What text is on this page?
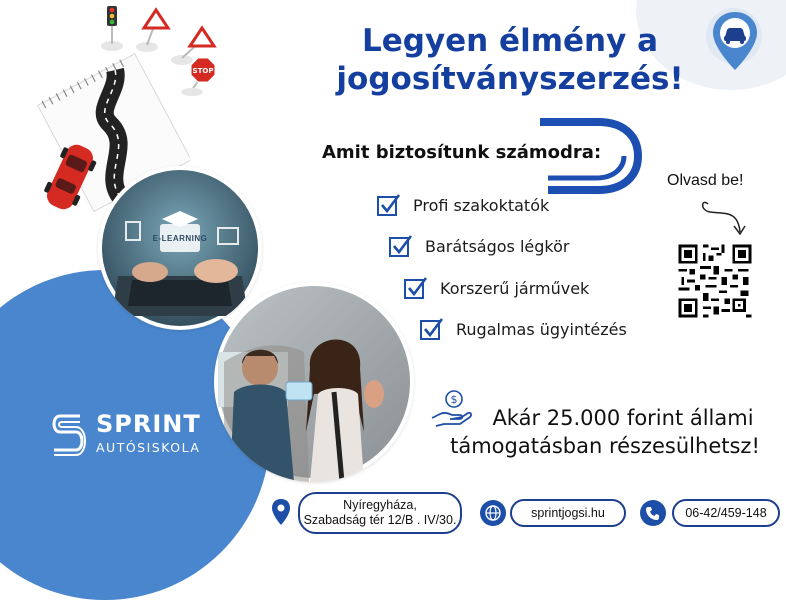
STOP
E-LEARNING
Legyen élmény a
jogosítványszerzés!
Amit biztosítunk számodra:
Profi szakoktatók
Barátságos légkör
Korszerű járművek
Rugalmas ügyintézés
Olvasd be!
$
Akár 25.000 forint állami
támogatásban részesülhetsz!
SPRINT
AUTÓSISKOLA
Nyíregyháza,
Szabadság tér 12/B . IV/30.	sprintjogsi.hu	06-42/459-148
